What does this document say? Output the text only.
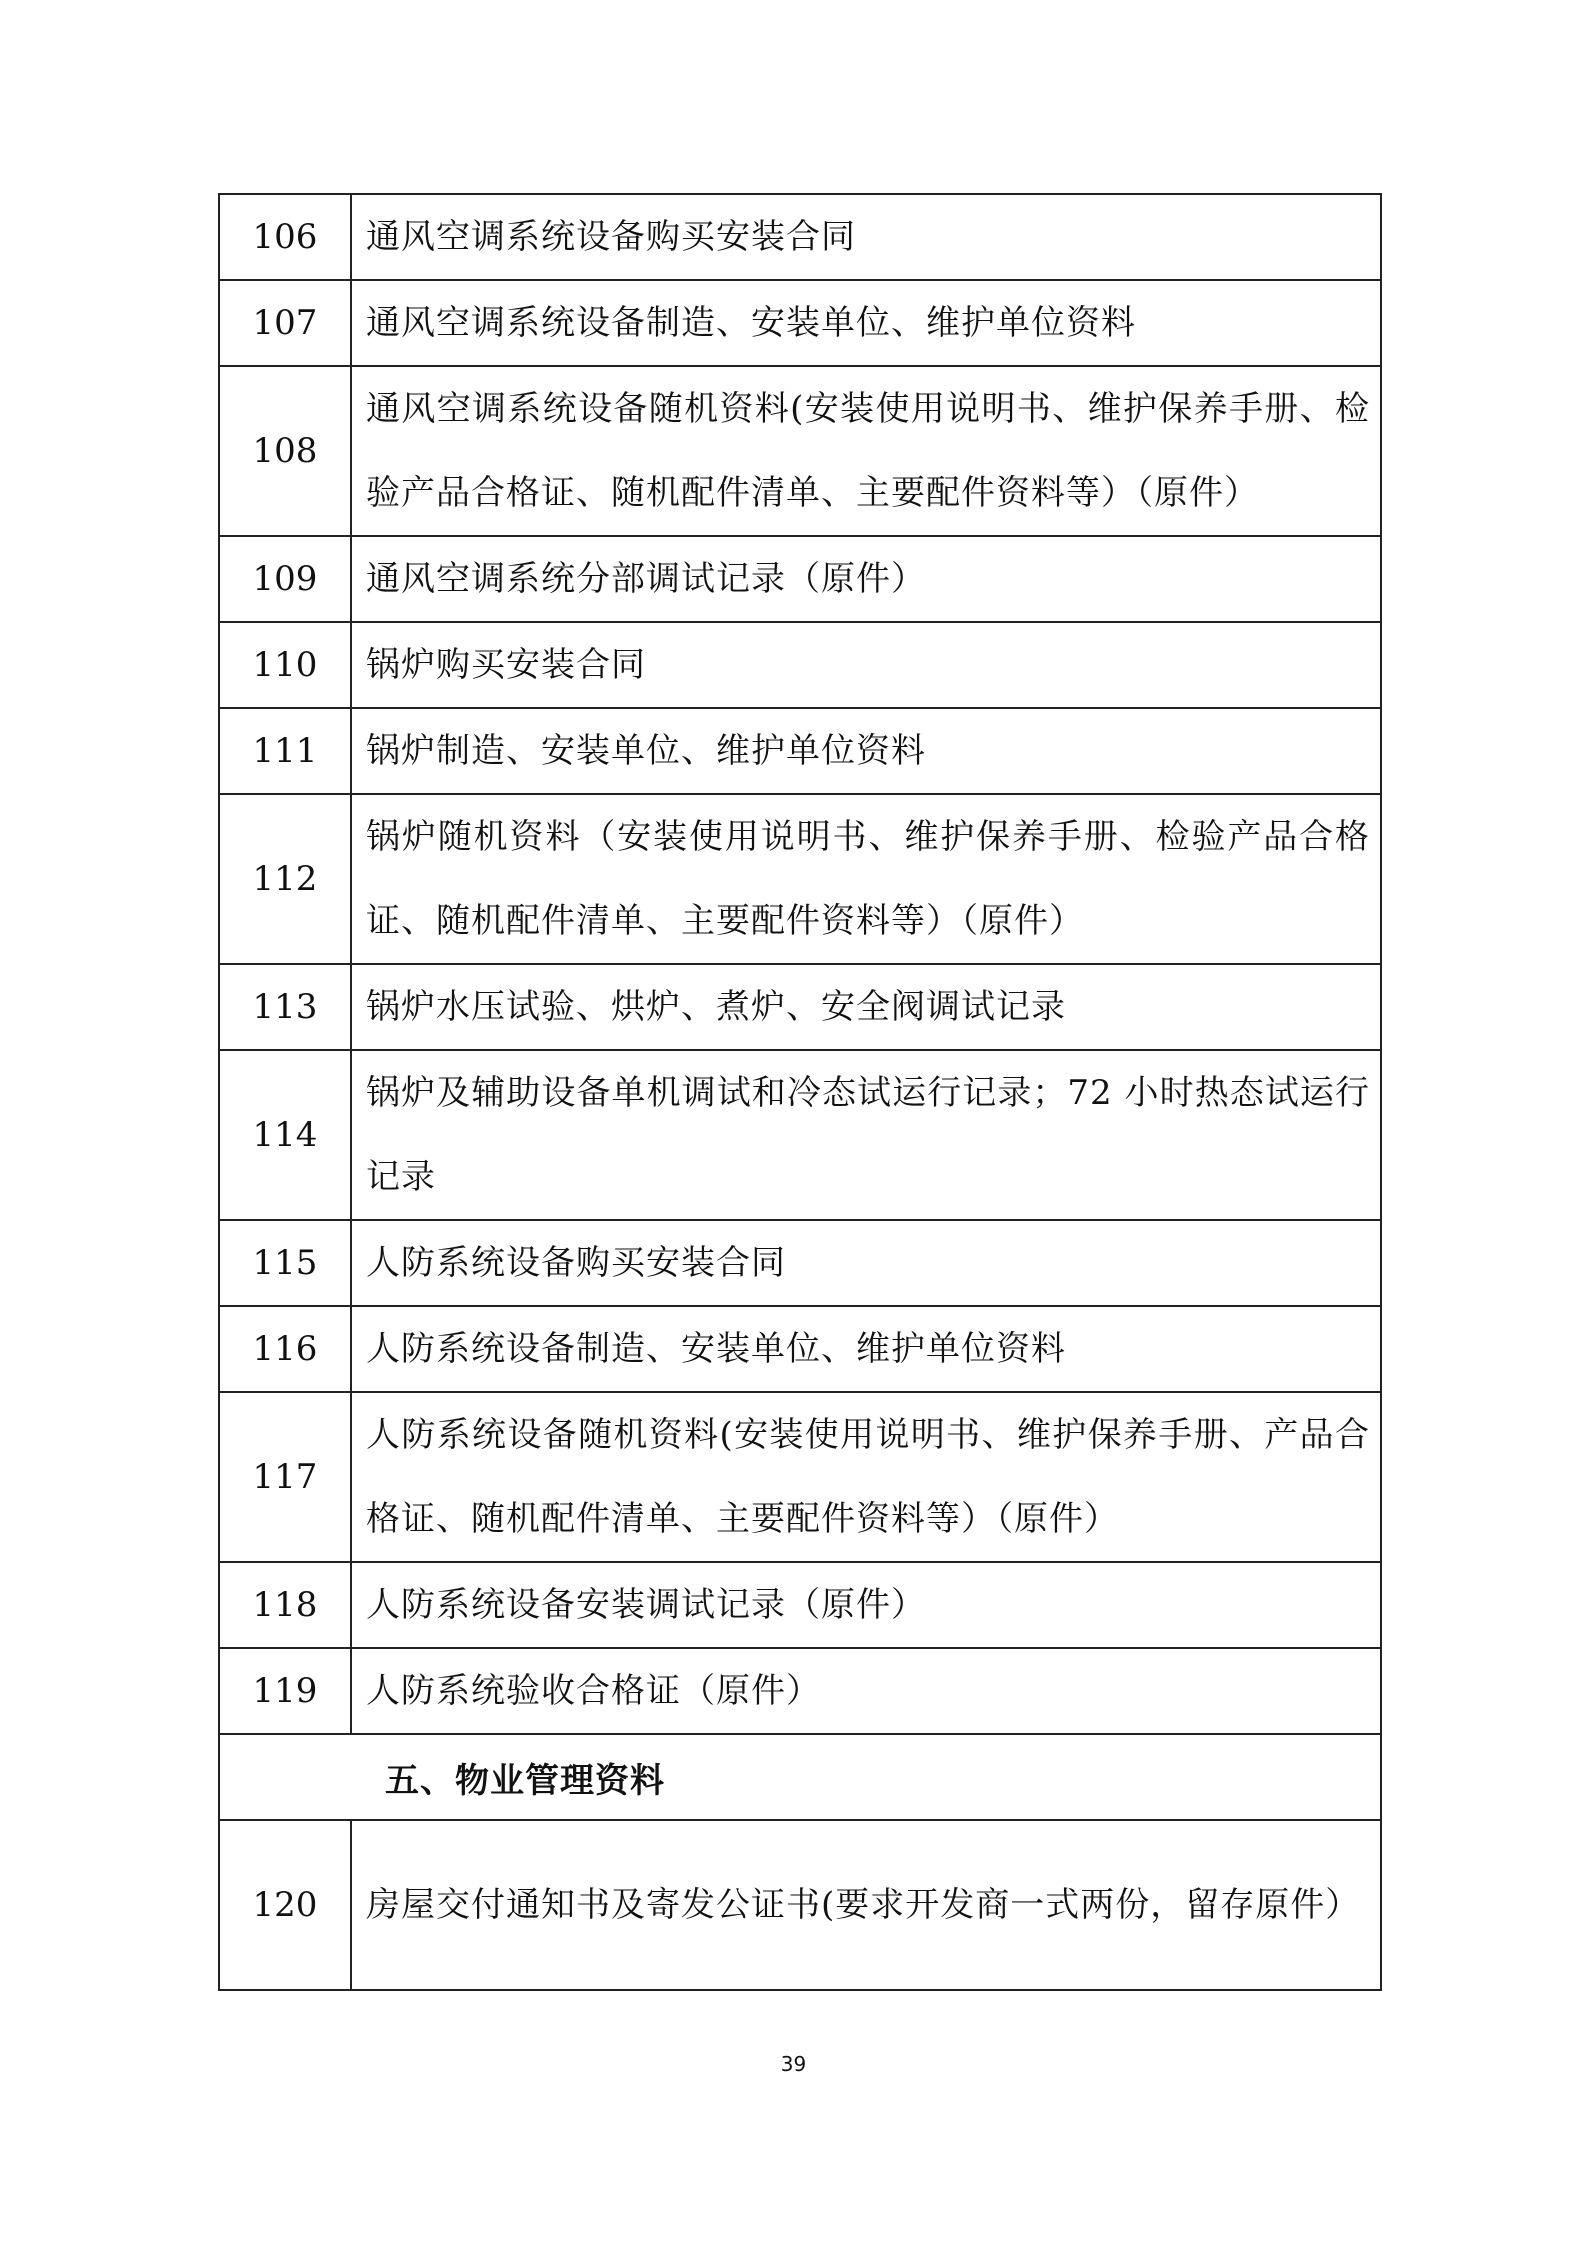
106	通风空调系统设备购买安装合同
107	通风空调系统设备制造、安装单位、维护单位资料
108	通风空调系统设备随机资料(安装使用说明书、维护保养手册、检验产品合格证、随机配件清单、主要配件资料等）（原件）
109	通风空调系统分部调试记录（原件）
110	锅炉购买安装合同
111	锅炉制造、安装单位、维护单位资料
112	锅炉随机资料（安装使用说明书、维护保养手册、检验产品合格证、随机配件清单、主要配件资料等）（原件）
113	锅炉水压试验、烘炉、煮炉、安全阀调试记录
114	锅炉及辅助设备单机调试和冷态试运行记录；72 小时热态试运行记录
115	人防系统设备购买安装合同
116	人防系统设备制造、安装单位、维护单位资料
117	人防系统设备随机资料(安装使用说明书、维护保养手册、产品合格证、随机配件清单、主要配件资料等）（原件）
118	人防系统设备安装调试记录（原件）
119	人防系统验收合格证（原件）
五、物业管理资料	
120	房屋交付通知书及寄发公证书(要求开发商一式两份，留存原件）
39
